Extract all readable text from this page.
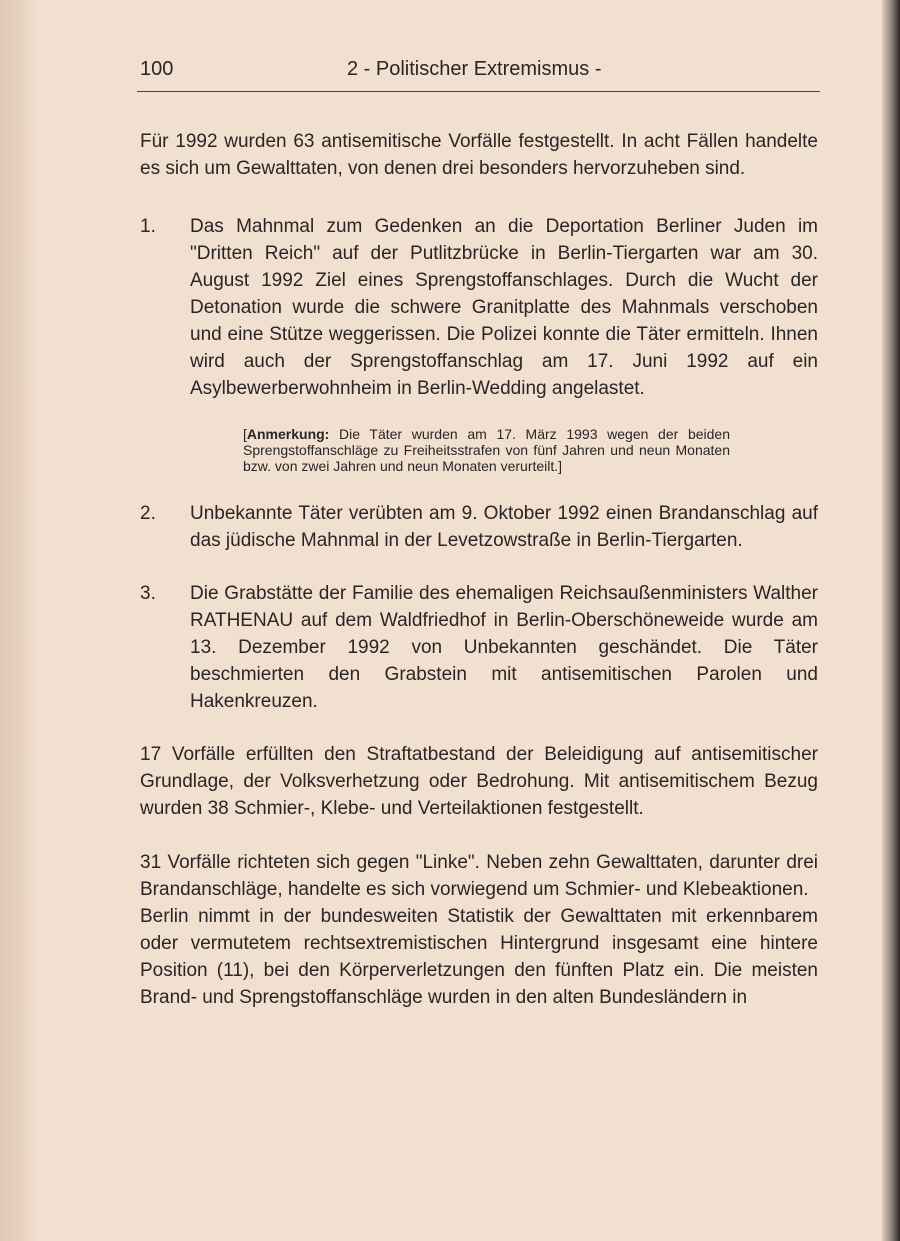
100	2 - Politischer Extremismus -

Für 1992 wurden 63 antisemitische Vorfälle festgestellt. In acht Fällen handelte es sich um Gewalttaten, von denen drei besonders hervorzuheben sind.

1.	Das Mahnmal zum Gedenken an die Deportation Berliner Juden im "Dritten Reich" auf der Putlitzbrücke in Berlin-Tiergarten war am 30. August 1992 Ziel eines Sprengstoffanschlages. Durch die Wucht der Detonation wurde die schwere Granitplatte des Mahnmals verschoben und eine Stütze weggerissen. Die Polizei konnte die Täter ermitteln. Ihnen wird auch der Sprengstoffanschlag am 17. Juni 1992 auf ein Asylbewerberwohnheim in Berlin-Wedding angelastet.
[Anmerkung: Die Täter wurden am 17. März 1993 wegen der beiden Sprengstoffanschläge zu Freiheitsstrafen von fünf Jahren und neun Monaten bzw. von zwei Jahren und neun Monaten verurteilt.]
2.	Unbekannte Täter verübten am 9. Oktober 1992 einen Brandanschlag auf das jüdische Mahnmal in der Levetzowstraße in Berlin-Tiergarten.
3.	Die Grabstätte der Familie des ehemaligen Reichsaußenministers Walther RATHENAU auf dem Waldfriedhof in Berlin-Oberschöneweide wurde am 13. Dezember 1992 von Unbekannten geschändet. Die Täter beschmierten den Grabstein mit antisemitischen Parolen und Hakenkreuzen.

17 Vorfälle erfüllten den Straftatbestand der Beleidigung auf antisemitischer Grundlage, der Volksverhetzung oder Bedrohung. Mit antisemitischem Bezug wurden 38 Schmier-, Klebe- und Verteilaktionen festgestellt.

31 Vorfälle richteten sich gegen "Linke". Neben zehn Gewalttaten, darunter drei Brandanschläge, handelte es sich vorwiegend um Schmier- und Klebeaktionen.

Berlin nimmt in der bundesweiten Statistik der Gewalttaten mit erkennbarem oder vermutetem rechtsextremistischen Hintergrund insgesamt eine hintere Position (11), bei den Körperverletzungen den fünften Platz ein. Die meisten Brand- und Sprengstoffanschläge wurden in den alten Bundesländern in
